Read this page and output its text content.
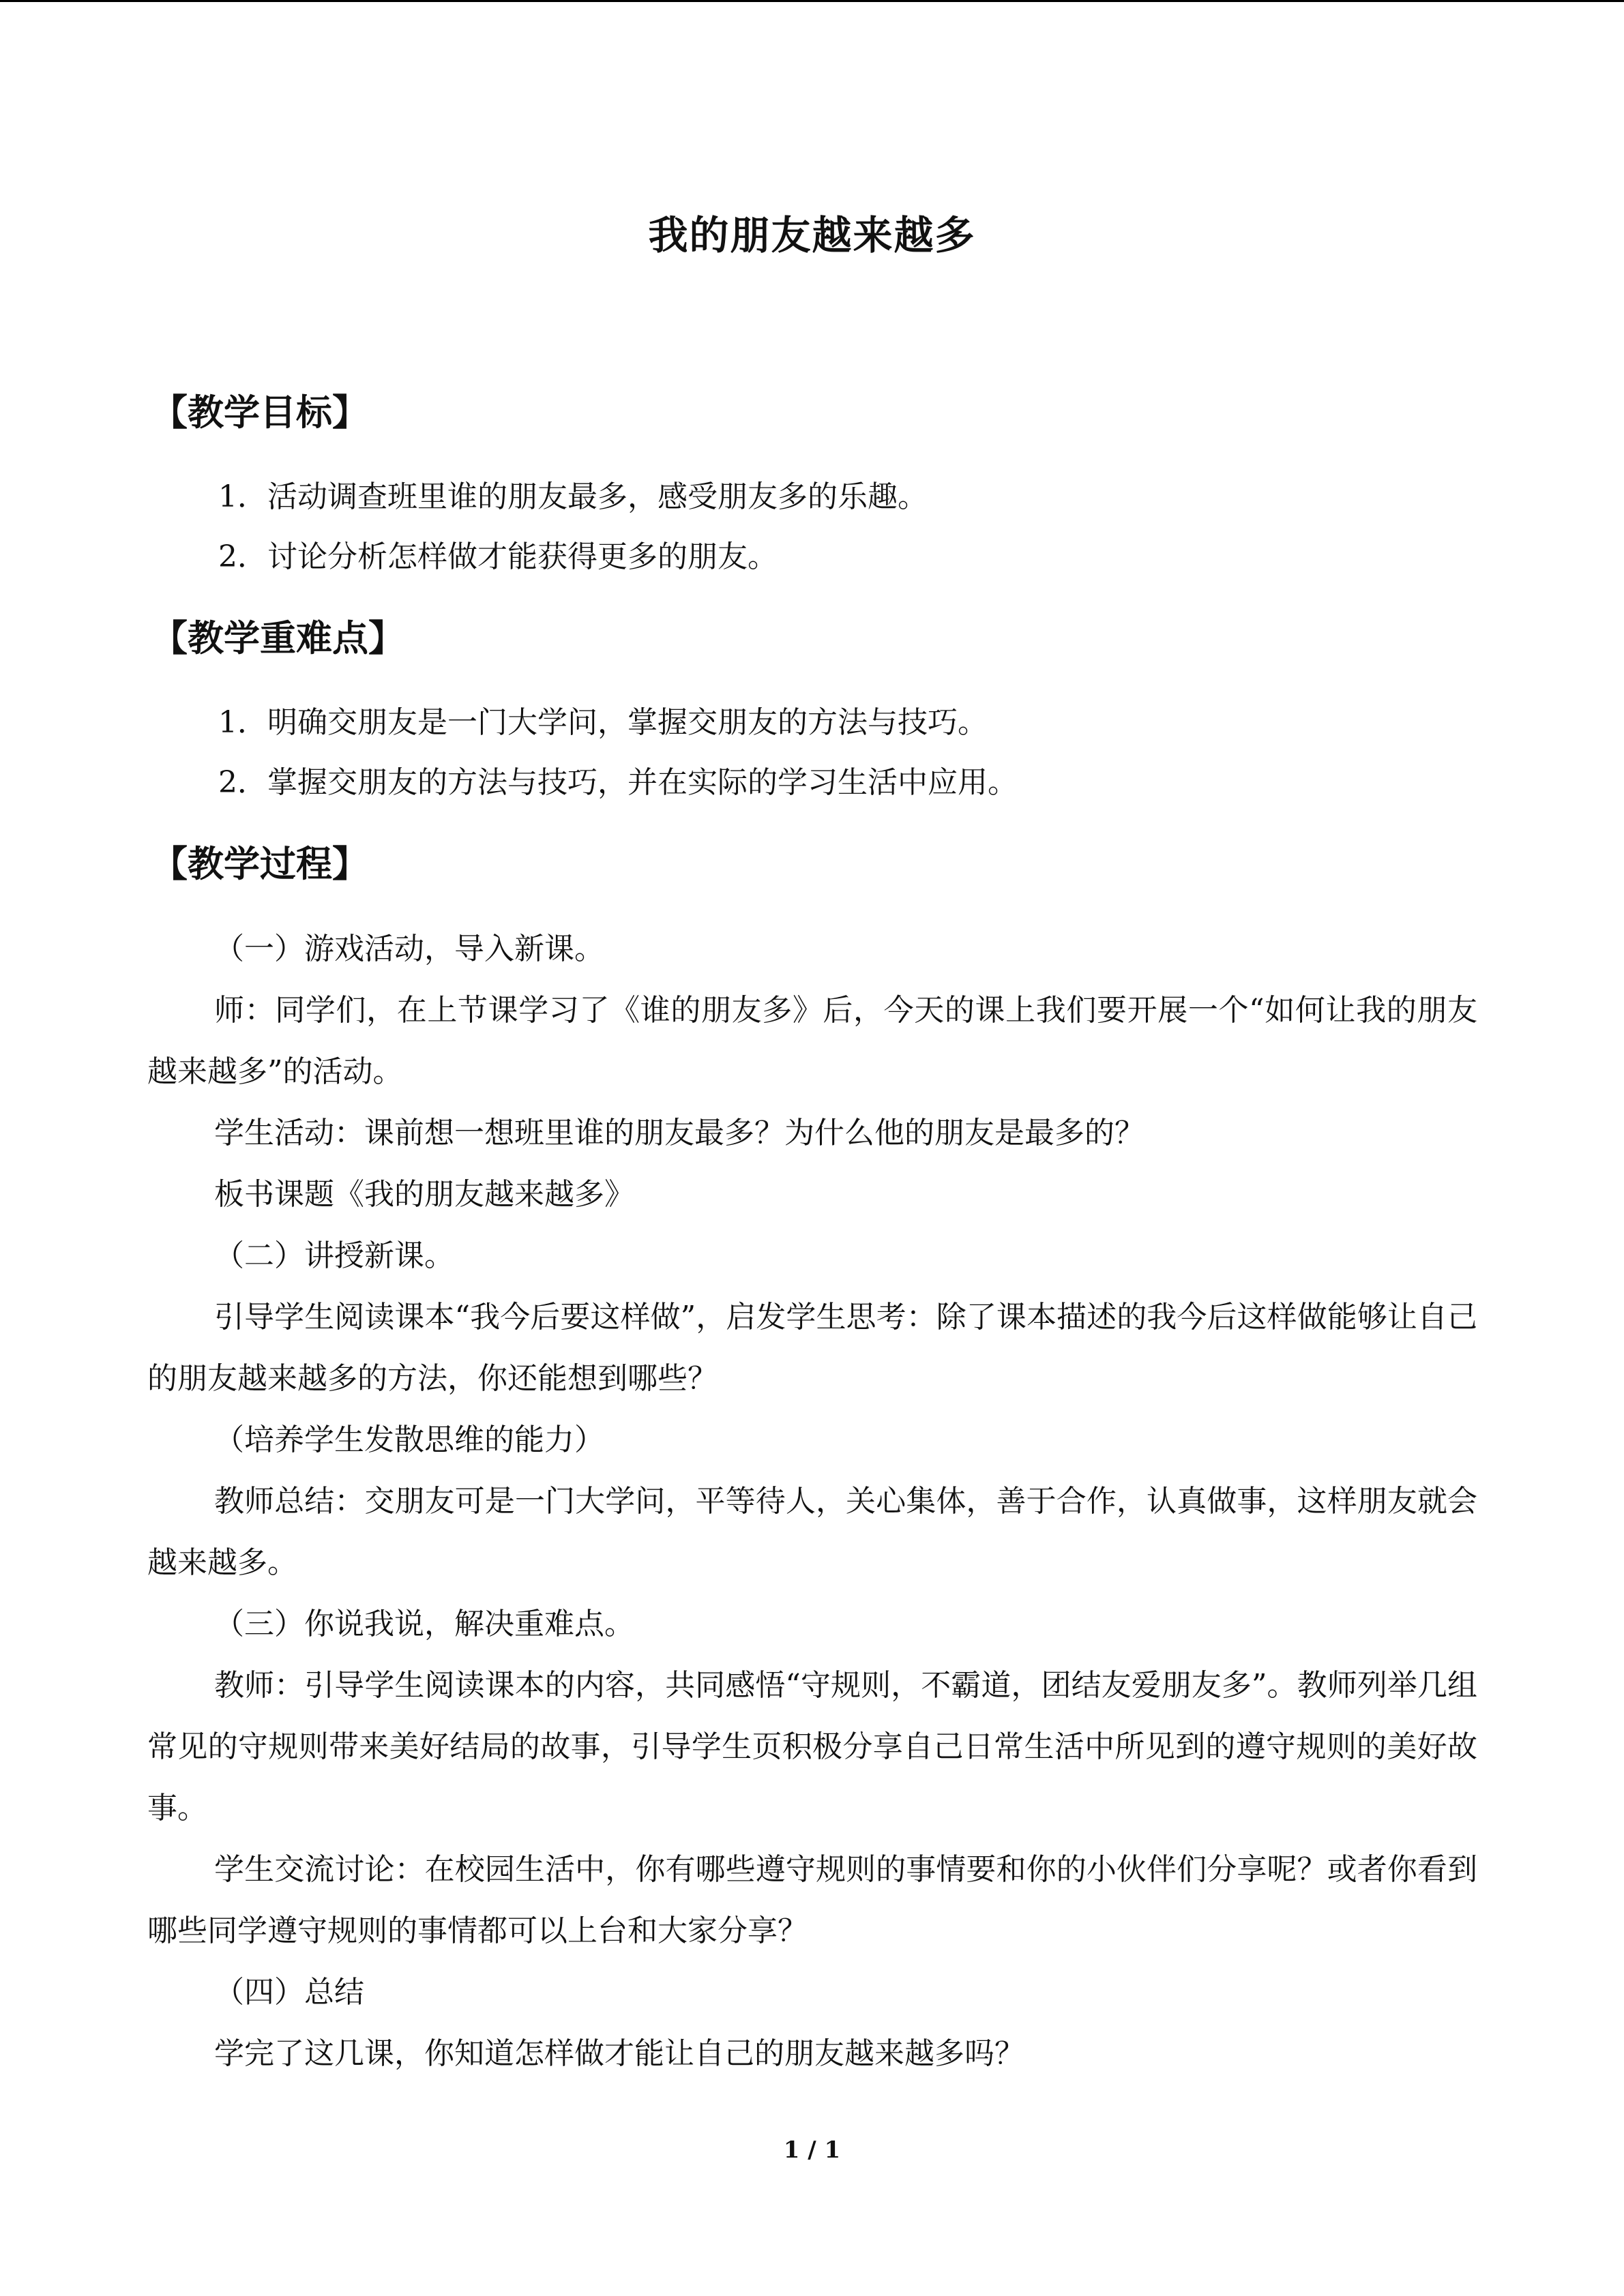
我的朋友越来越多
【教学目标】

1．活动调查班里谁的朋友最多，感受朋友多的乐趣。

2．讨论分析怎样做才能获得更多的朋友。

【教学重难点】

1．明确交朋友是一门大学问，掌握交朋友的方法与技巧。

2．掌握交朋友的方法与技巧，并在实际的学习生活中应用。

【教学过程】

（一）游戏活动，导入新课。

师：同学们，在上节课学习了《谁的朋友多》后，今天的课上我们要开展一个“如何让我的朋友越来越多”的活动。

学生活动：课前想一想班里谁的朋友最多？为什么他的朋友是最多的？

板书课题《我的朋友越来越多》

（二）讲授新课。

引导学生阅读课本“我今后要这样做”，启发学生思考：除了课本描述的我今后这样做能够让自己的朋友越来越多的方法，你还能想到哪些？

（培养学生发散思维的能力）

教师总结：交朋友可是一门大学问，平等待人，关心集体，善于合作，认真做事，这样朋友就会越来越多。

（三）你说我说，解决重难点。

教师：引导学生阅读课本的内容，共同感悟“守规则，不霸道，团结友爱朋友多”。教师列举几组常见的守规则带来美好结局的故事，引导学生页积极分享自己日常生活中所见到的遵守规则的美好故事。

学生交流讨论：在校园生活中，你有哪些遵守规则的事情要和你的小伙伴们分享呢？或者你看到哪些同学遵守规则的事情都可以上台和大家分享？

（四）总结

学完了这几课，你知道怎样做才能让自己的朋友越来越多吗？

1 / 1
